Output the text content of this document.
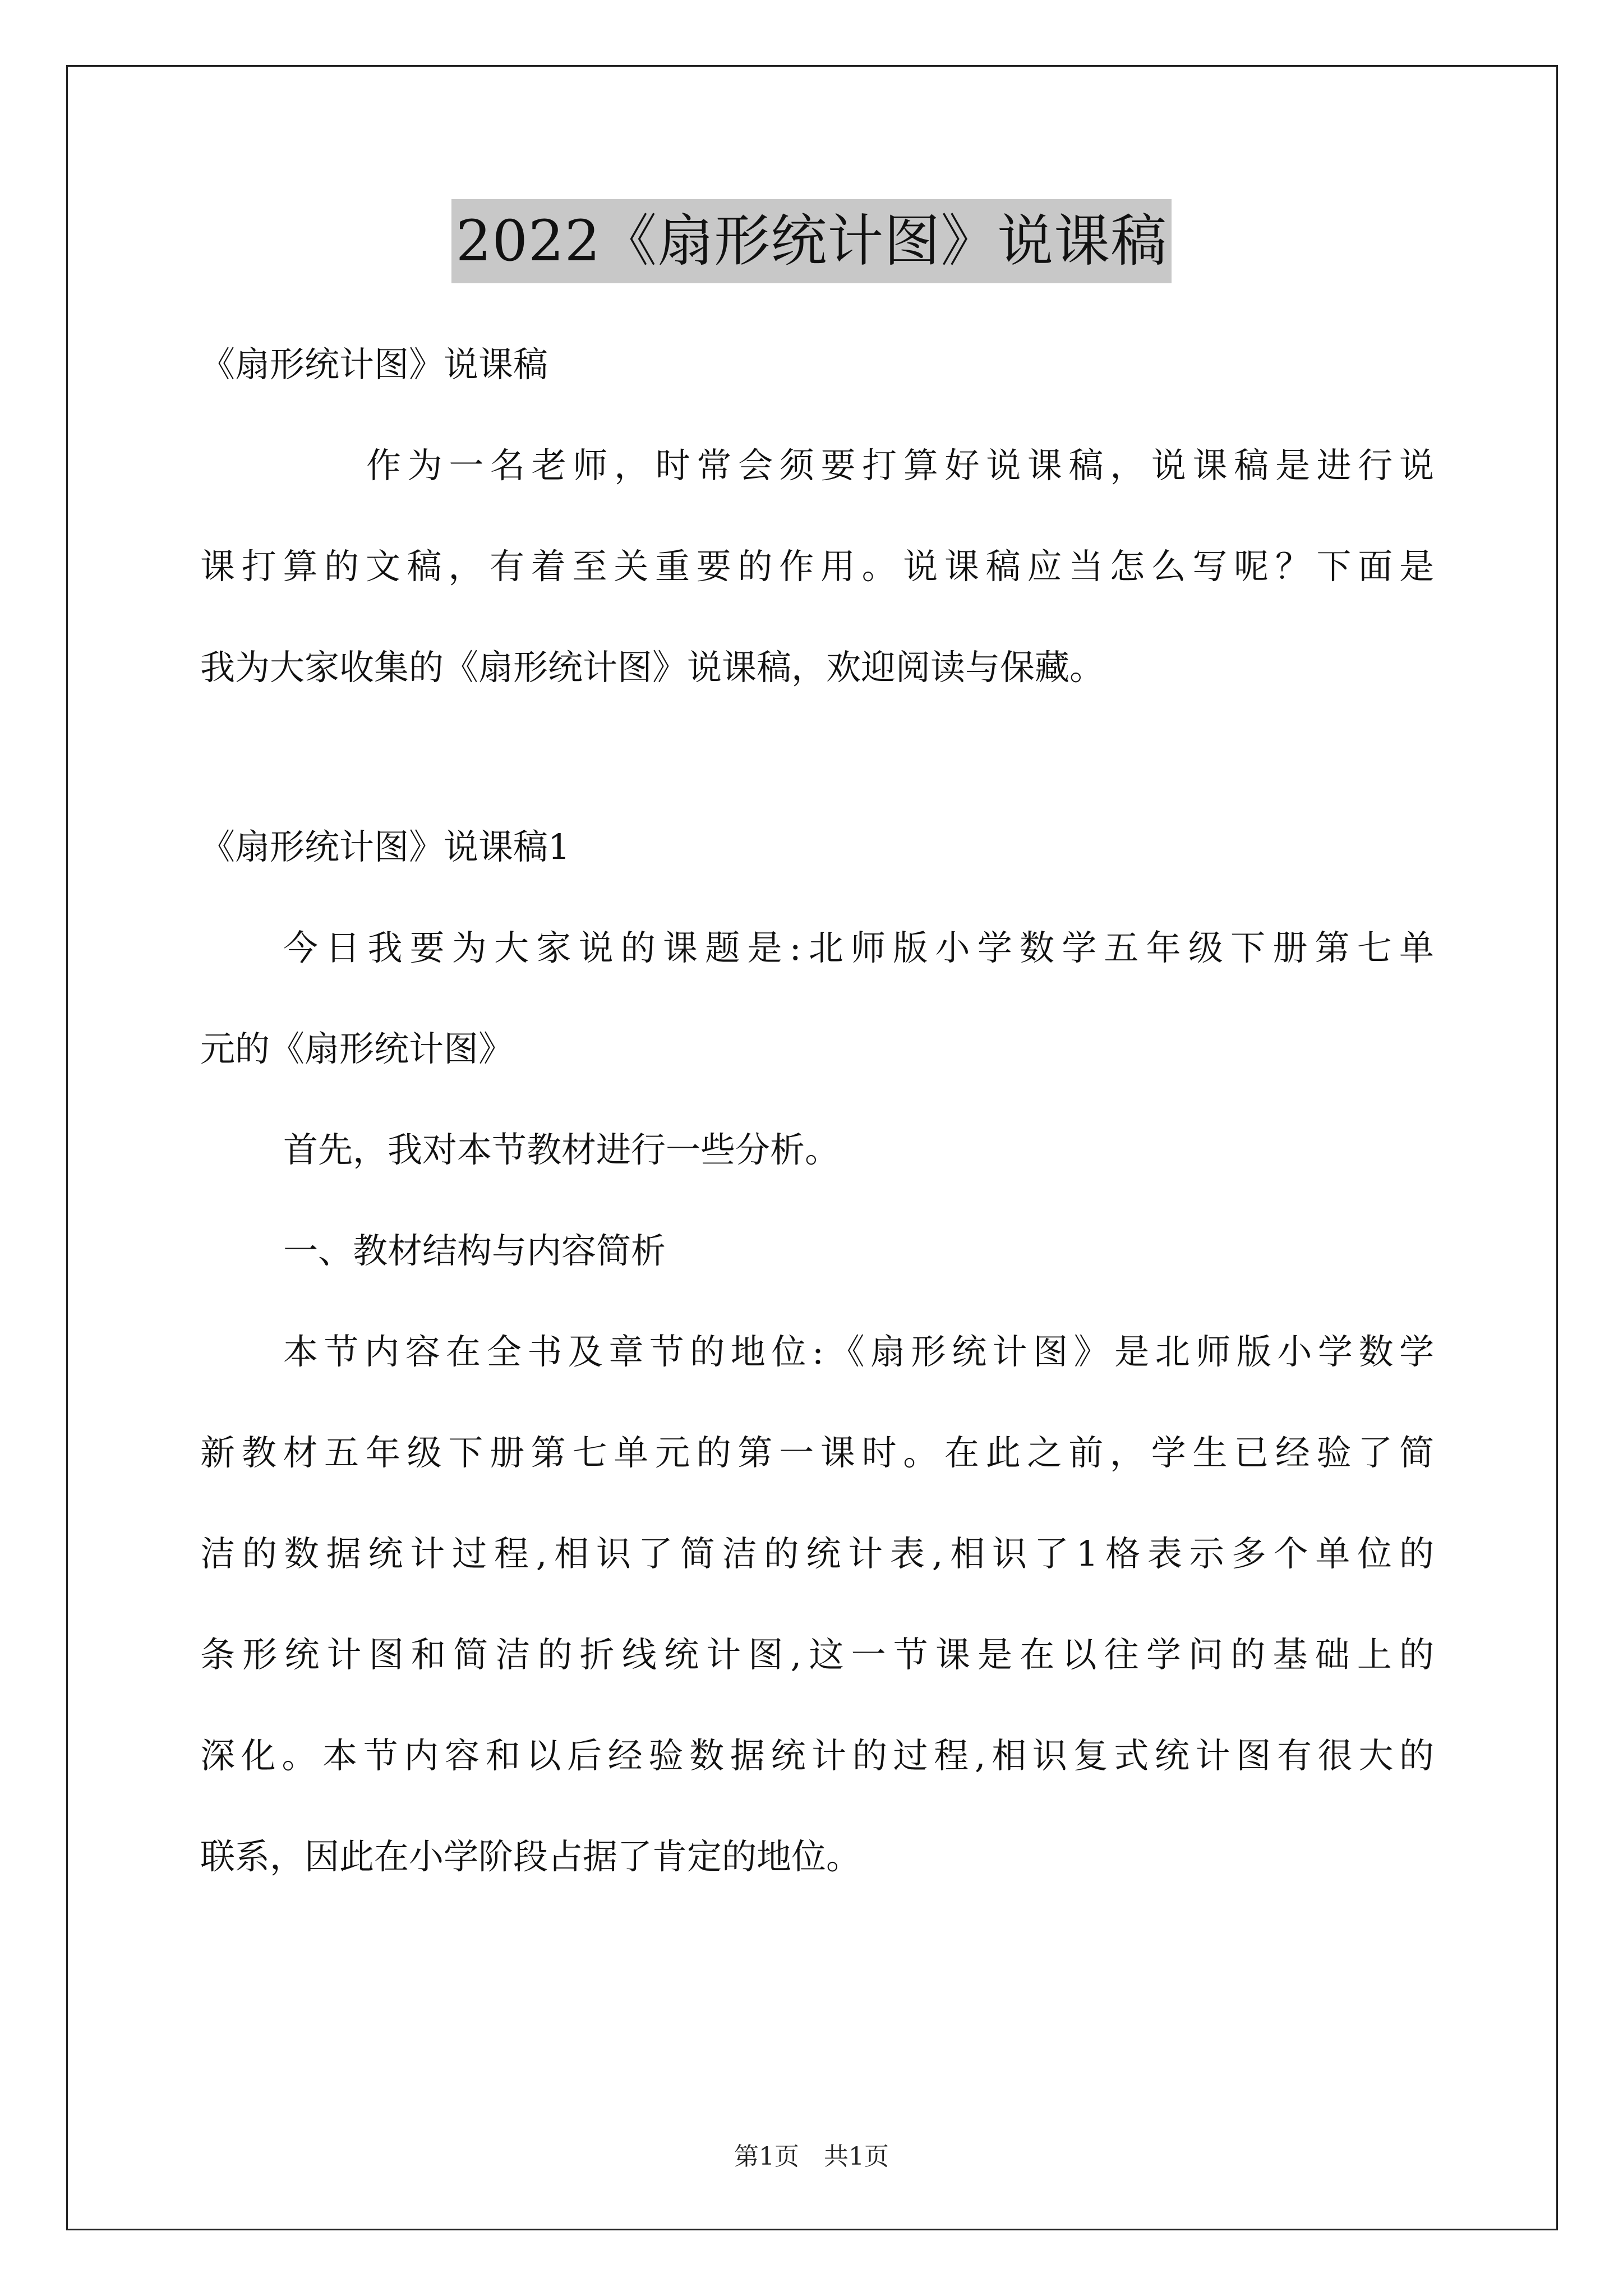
2022《扇形统计图》说课稿
《扇形统计图》说课稿
作为一名老师，时常会须要打算好说课稿，说课稿是进行说
课打算的文稿，有着至关重要的作用。说课稿应当怎么写呢？下面是
我为大家收集的《扇形统计图》说课稿，欢迎阅读与保藏。
《扇形统计图》说课稿1
今日我要为大家说的课题是:北师版小学数学五年级下册第七单
元的《扇形统计图》
首先，我对本节教材进行一些分析。
一、教材结构与内容简析
本节内容在全书及章节的地位:《扇形统计图》是北师版小学数学
新教材五年级下册第七单元的第一课时。在此之前，学生已经验了简
洁的数据统计过程,相识了简洁的统计表,相识了1格表示多个单位的
条形统计图和简洁的折线统计图,这一节课是在以往学问的基础上的
深化。本节内容和以后经验数据统计的过程,相识复式统计图有很大的
联系，因此在小学阶段占据了肯定的地位。
第1页　共1页
